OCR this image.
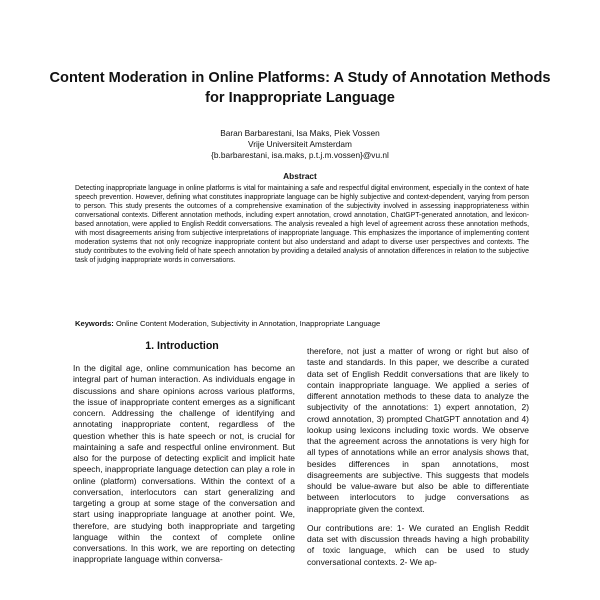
Content Moderation in Online Platforms: A Study of Annotation Methods for Inappropriate Language
Baran Barbarestani, Isa Maks, Piek Vossen
Vrije Universiteit Amsterdam
{b.barbarestani, isa.maks, p.t.j.m.vossen}@vu.nl
Abstract
Detecting inappropriate language in online platforms is vital for maintaining a safe and respectful digital environment, especially in the context of hate speech prevention. However, defining what constitutes inappropriate language can be highly subjective and context-dependent, varying from person to person. This study presents the outcomes of a comprehensive examination of the subjectivity involved in assessing inappropriateness within conversational contexts. Different annotation methods, including expert annotation, crowd annotation, ChatGPT-generated annotation, and lexicon-based annotation, were applied to English Reddit conversations. The analysis revealed a high level of agreement across these annotation methods, with most disagreements arising from subjective interpretations of inappropriate language. This emphasizes the importance of implementing content moderation systems that not only recognize inappropriate content but also understand and adapt to diverse user perspectives and contexts. The study contributes to the evolving field of hate speech annotation by providing a detailed analysis of annotation differences in relation to the subjective task of judging inappropriate words in conversations.
Keywords: Online Content Moderation, Subjectivity in Annotation, Inappropriate Language
1. Introduction

In the digital age, online communication has become an integral part of human interaction. As individuals engage in discussions and share opinions across various platforms, the issue of inappropriate content emerges as a significant concern. Addressing the challenge of identifying and annotating inappropriate content, regardless of the question whether this is hate speech or not, is crucial for maintaining a safe and respectful online environment. But also for the purpose of detecting explicit and implicit hate speech, inappropriate language detection can play a role in online (platform) conversations. Within the context of a conversation, interlocutors can start generalizing and targeting a group at some stage of the conversation and start using inappropriate language at another point. We, therefore, are studying both inappropriate and targeting language within the context of complete online conversations. In this work, we are reporting on detecting inappropriate language within conversa-

therefore, not just a matter of wrong or right but also of taste and standards. In this paper, we describe a curated data set of English Reddit conversations that are likely to contain inappropriate language. We applied a series of different annotation methods to these data to analyze the subjectivity of the annotations: 1) expert annotation, 2) crowd annotation, 3) prompted ChatGPT annotation and 4) lookup using lexicons including toxic words. We observe that the agreement across the annotations is very high for all types of annotations while an error analysis shows that, besides differences in span annotations, most disagreements are subjective. This suggests that models should be value-aware but also be able to differentiate between interlocutors to judge conversations as inappropriate given the context.

Our contributions are: 1- We curated an English Reddit data set with discussion threads having a high probability of toxic language, which can be used to study conversational contexts. 2- We ap-
